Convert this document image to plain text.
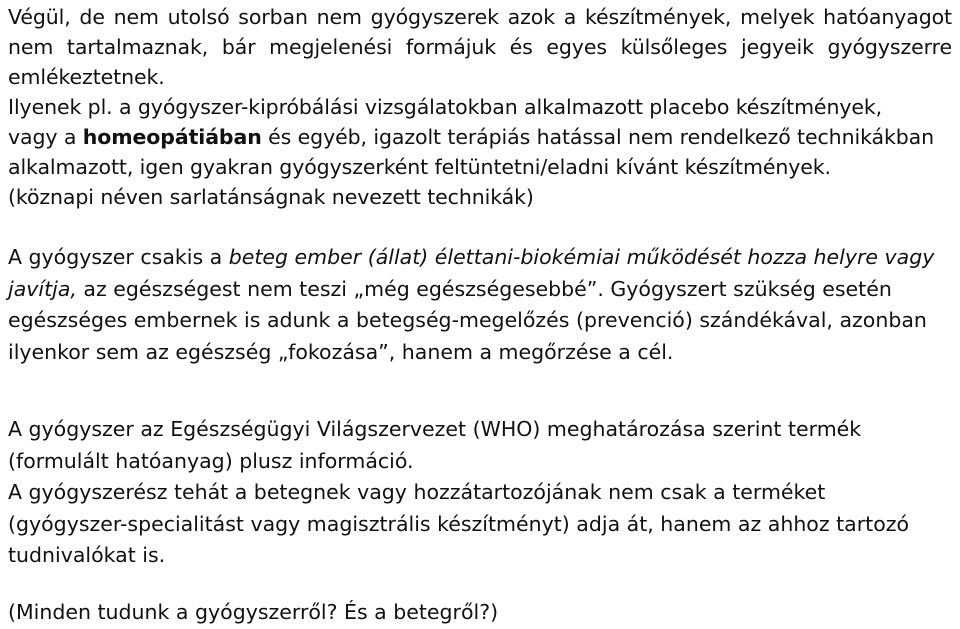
Végül, de nem utolsó sorban nem gyógyszerek azok a készítmények, melyek hatóanyagot
nem tartalmaznak, bár megjelenési formájuk és egyes külsőleges jegyeik gyógyszerre
emlékeztetnek.
Ilyenek pl. a gyógyszer-kipróbálási vizsgálatokban alkalmazott placebo készítmények,
vagy a homeopátiában és egyéb, igazolt terápiás hatással nem rendelkező technikákban
alkalmazott, igen gyakran gyógyszerként feltüntetni/eladni kívánt készítmények.
(köznapi néven sarlatánságnak nevezett technikák)
A gyógyszer csakis a beteg ember (állat) élettani-biokémiai működését hozza helyre vagy
javítja, az egészségest nem teszi „még egészségesebbé”. Gyógyszert szükség esetén
egészséges embernek is adunk a betegség-megelőzés (prevenció) szándékával, azonban
ilyenkor sem az egészség „fokozása”, hanem a megőrzése a cél.
A gyógyszer az Egészségügyi Világszervezet (WHO) meghatározása szerint termék
(formulált hatóanyag) plusz információ.
A gyógyszerész tehát a betegnek vagy hozzátartozójának nem csak a terméket
(gyógyszer-specialitást vagy magisztrális készítményt) adja át, hanem az ahhoz tartozó
tudnivalókat is.
(Minden tudunk a gyógyszerről? És a betegről?)
